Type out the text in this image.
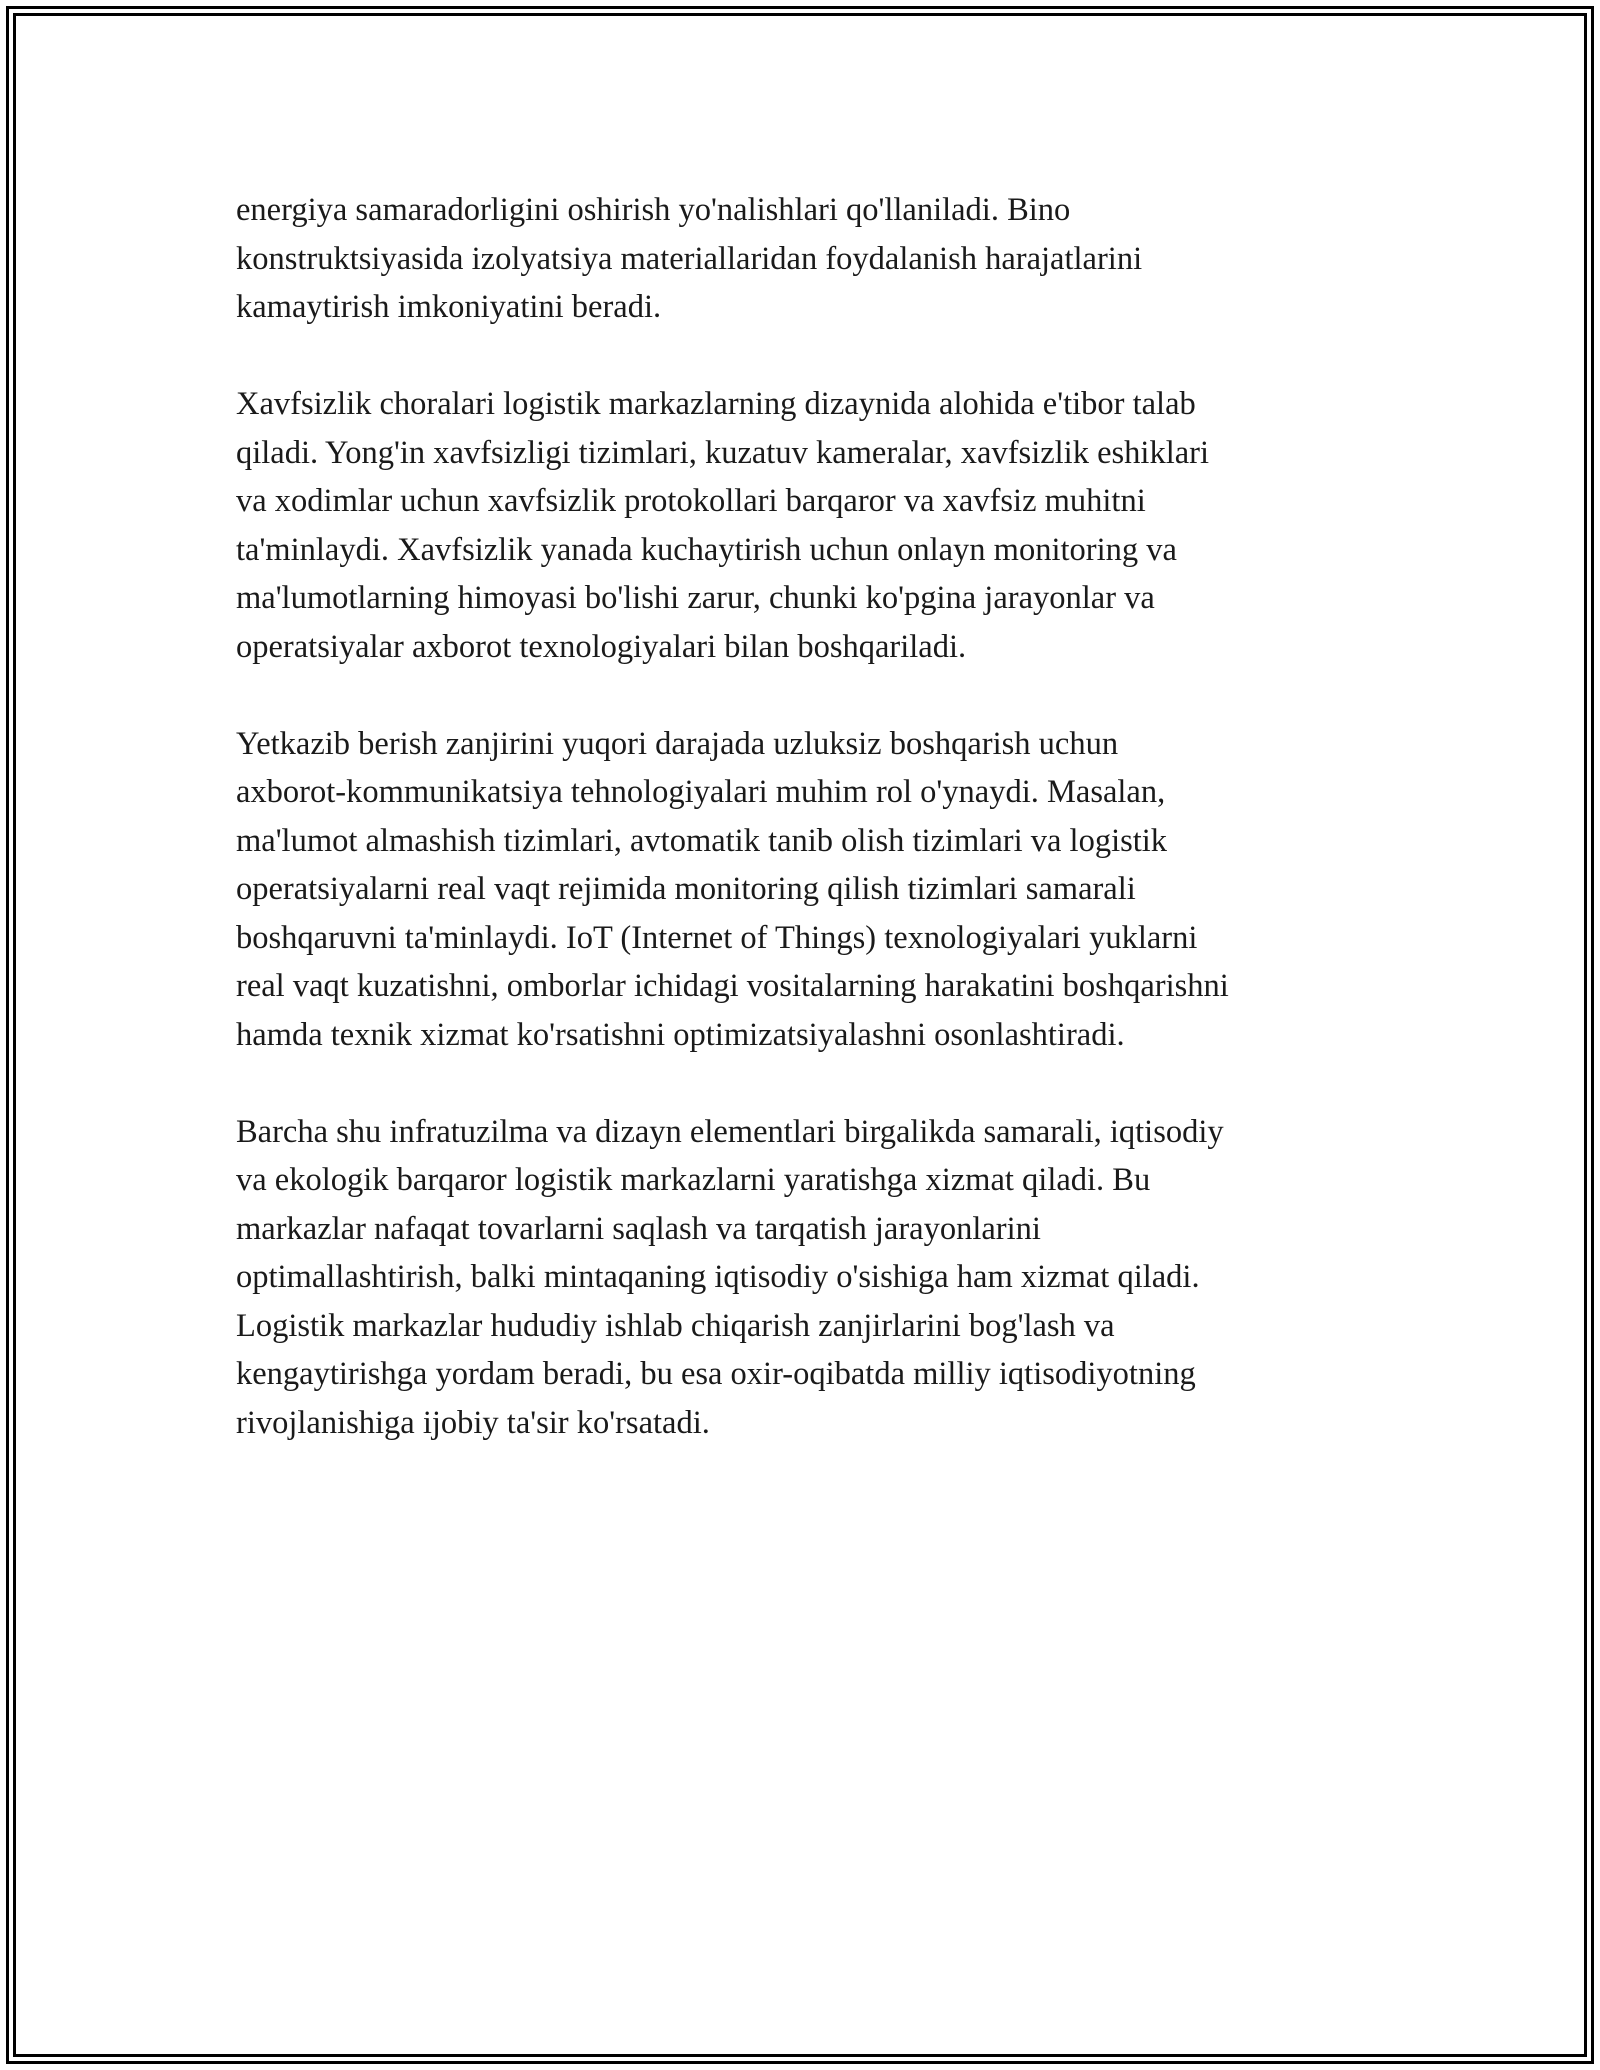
energiya samaradorligini oshirish yo'nalishlari qo'llaniladi. Bino
konstruktsiyasida izolyatsiya materiallaridan foydalanish harajatlarini
kamaytirish imkoniyatini beradi.

Xavfsizlik choralari logistik markazlarning dizaynida alohida e'tibor talab
qiladi. Yong'in xavfsizligi tizimlari, kuzatuv kameralar, xavfsizlik eshiklari
va xodimlar uchun xavfsizlik protokollari barqaror va xavfsiz muhitni
ta'minlaydi. Xavfsizlik yanada kuchaytirish uchun onlayn monitoring va
ma'lumotlarning himoyasi bo'lishi zarur, chunki ko'pgina jarayonlar va
operatsiyalar axborot texnologiyalari bilan boshqariladi.

Yetkazib berish zanjirini yuqori darajada uzluksiz boshqarish uchun
axborot-kommunikatsiya tehnologiyalari muhim rol o'ynaydi. Masalan,
ma'lumot almashish tizimlari, avtomatik tanib olish tizimlari va logistik
operatsiyalarni real vaqt rejimida monitoring qilish tizimlari samarali
boshqaruvni ta'minlaydi. IoT (Internet of Things) texnologiyalari yuklarni
real vaqt kuzatishni, omborlar ichidagi vositalarning harakatini boshqarishni
hamda texnik xizmat ko'rsatishni optimizatsiyalashni osonlashtiradi.

Barcha shu infratuzilma va dizayn elementlari birgalikda samarali, iqtisodiy
va ekologik barqaror logistik markazlarni yaratishga xizmat qiladi. Bu
markazlar nafaqat tovarlarni saqlash va tarqatish jarayonlarini
optimallashtirish, balki mintaqaning iqtisodiy o'sishiga ham xizmat qiladi.
Logistik markazlar hududiy ishlab chiqarish zanjirlarini bog'lash va
kengaytirishga yordam beradi, bu esa oxir-oqibatda milliy iqtisodiyotning
rivojlanishiga ijobiy ta'sir ko'rsatadi.
